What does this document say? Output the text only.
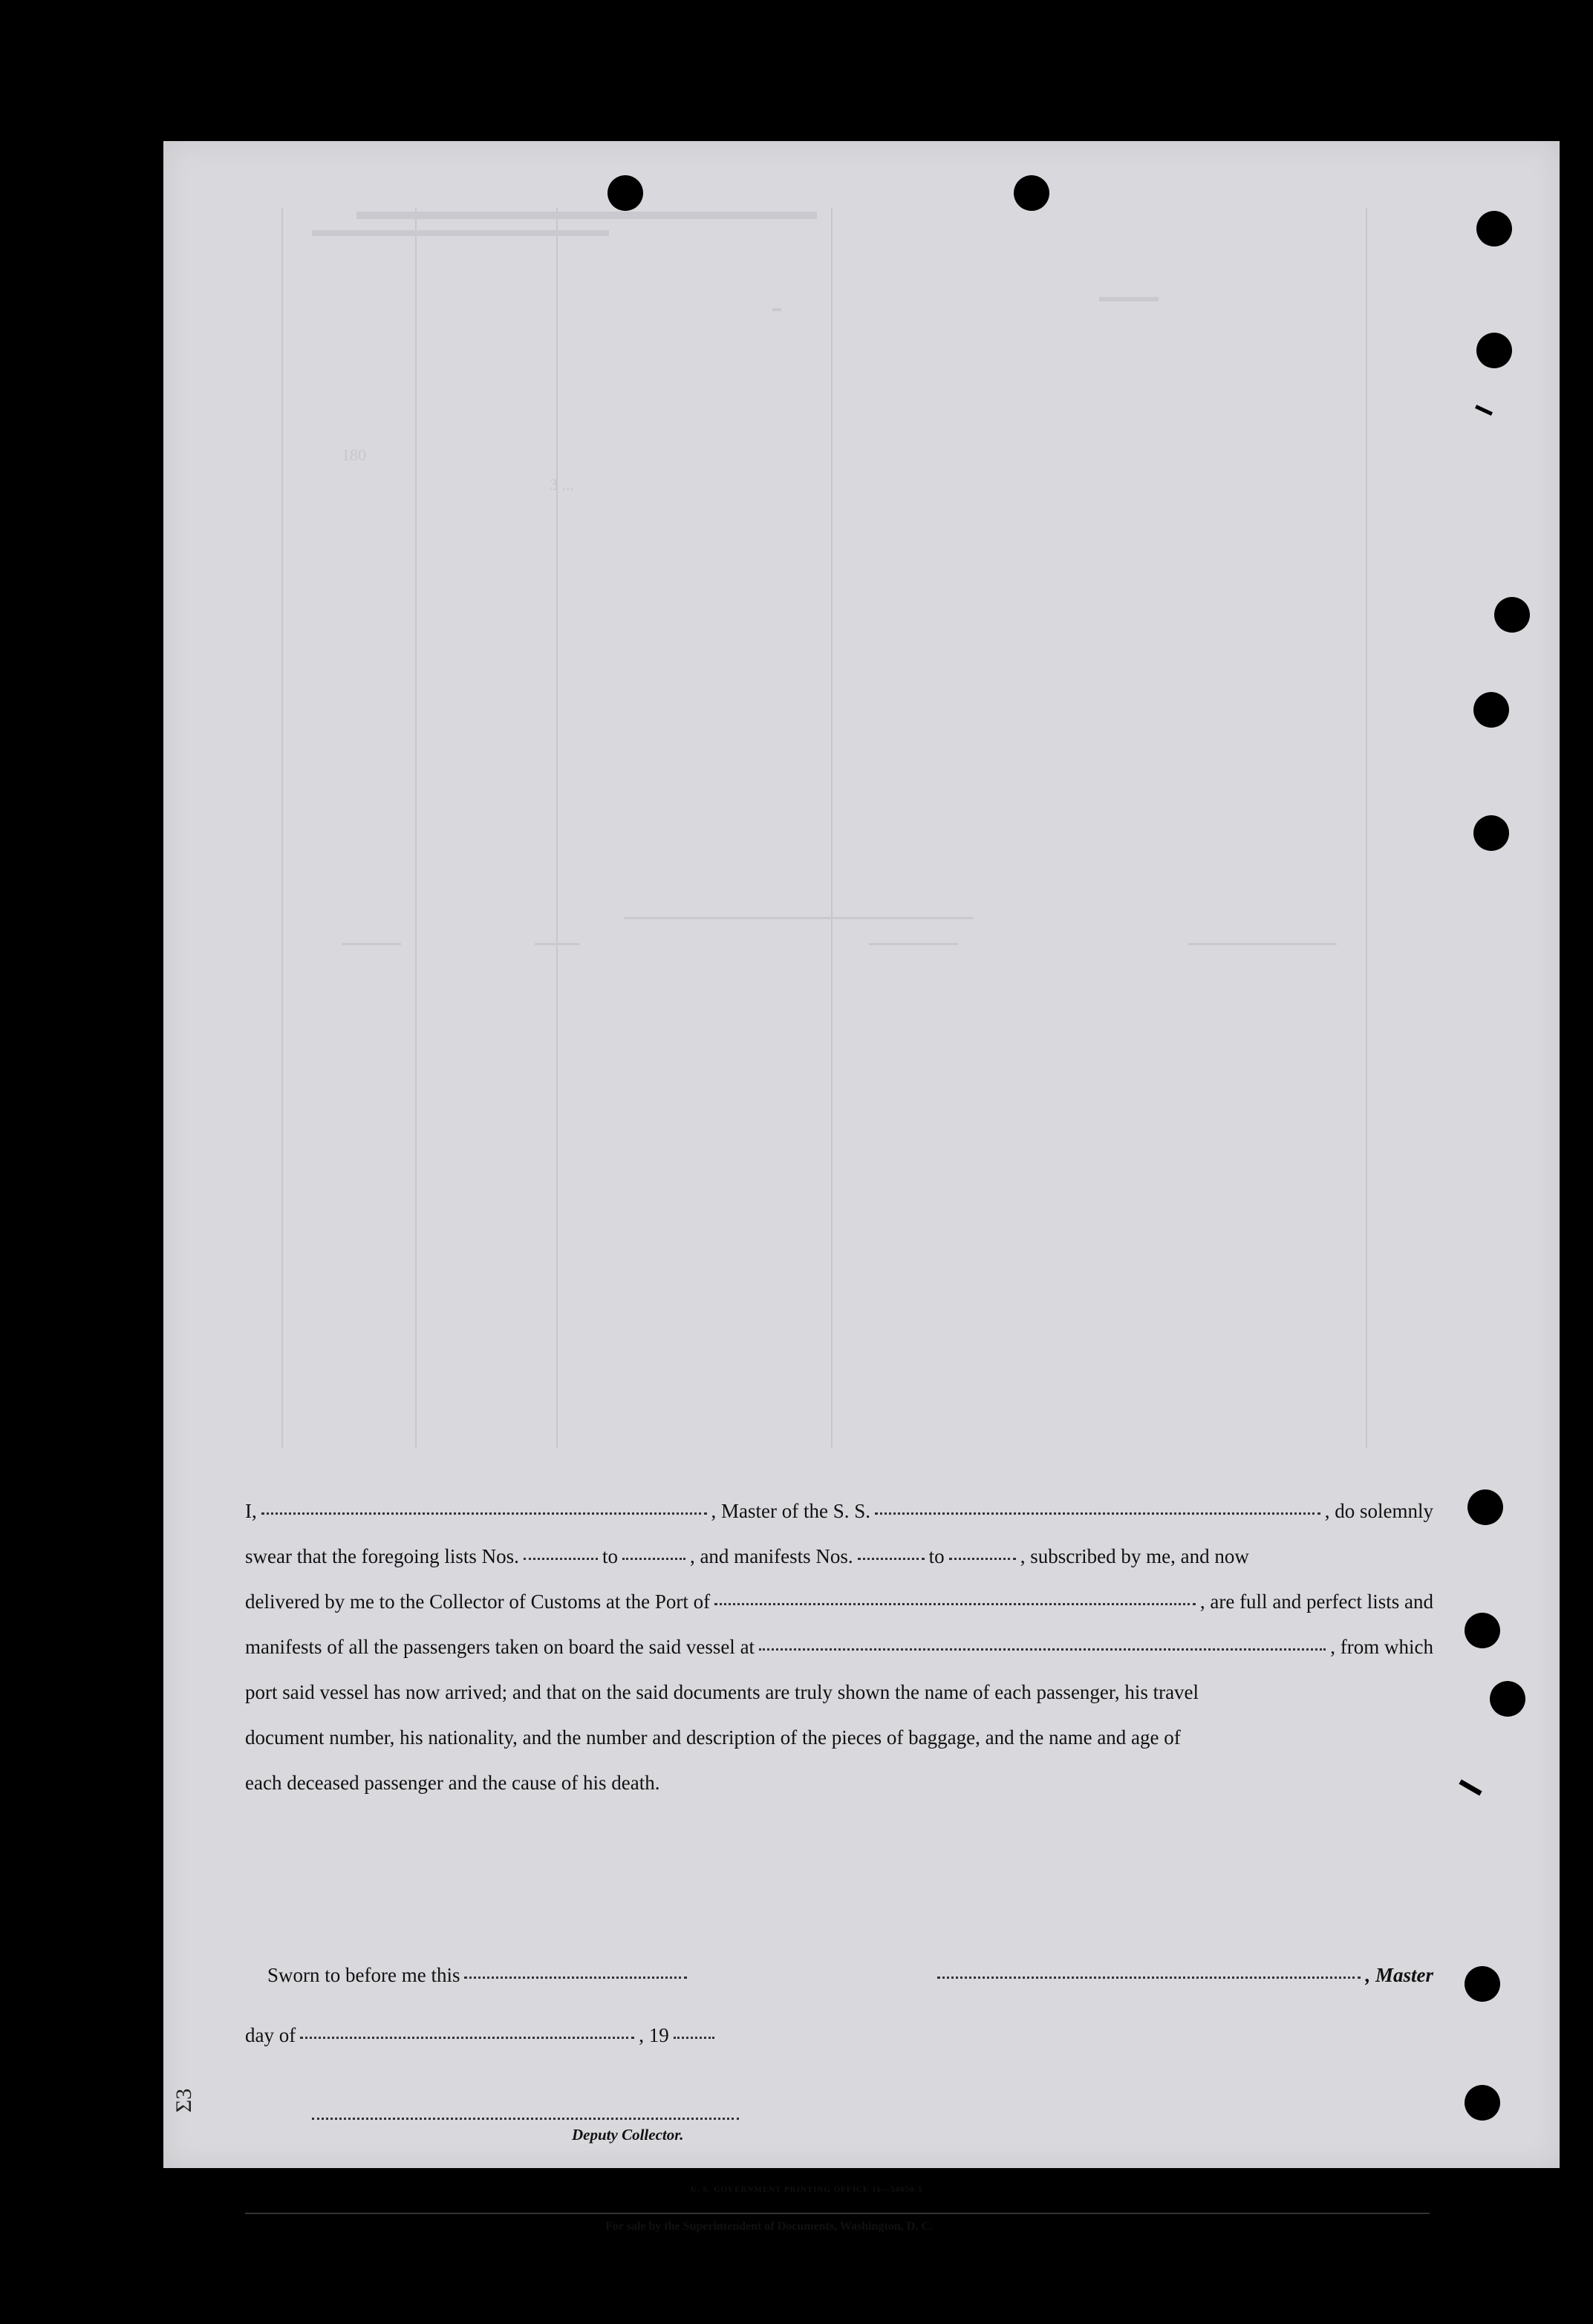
180
3 ...
I,	, Master of the S. S.	, do solemnly
swear that the foregoing lists Nos.	to	, and manifests Nos.	to	, subscribed by me, and now
delivered by me to the Collector of Customs at the Port of	, are full and perfect lists and
manifests of all the passengers taken on board the said vessel at	, from which
port said vessel has now arrived; and that on the said documents are truly shown the name of each passenger, his travel
document number, his nationality, and the number and description of the pieces of baggage, and the name and age of
each deceased passenger and the cause of his death.
Sworn to before me this	, Master
day of	, 19
Deputy Collector.
U. S. GOVERNMENT PRINTING OFFICE 16—54650-5
For sale by the Superintendent of Documents, Washington, D. C.
Σ3
